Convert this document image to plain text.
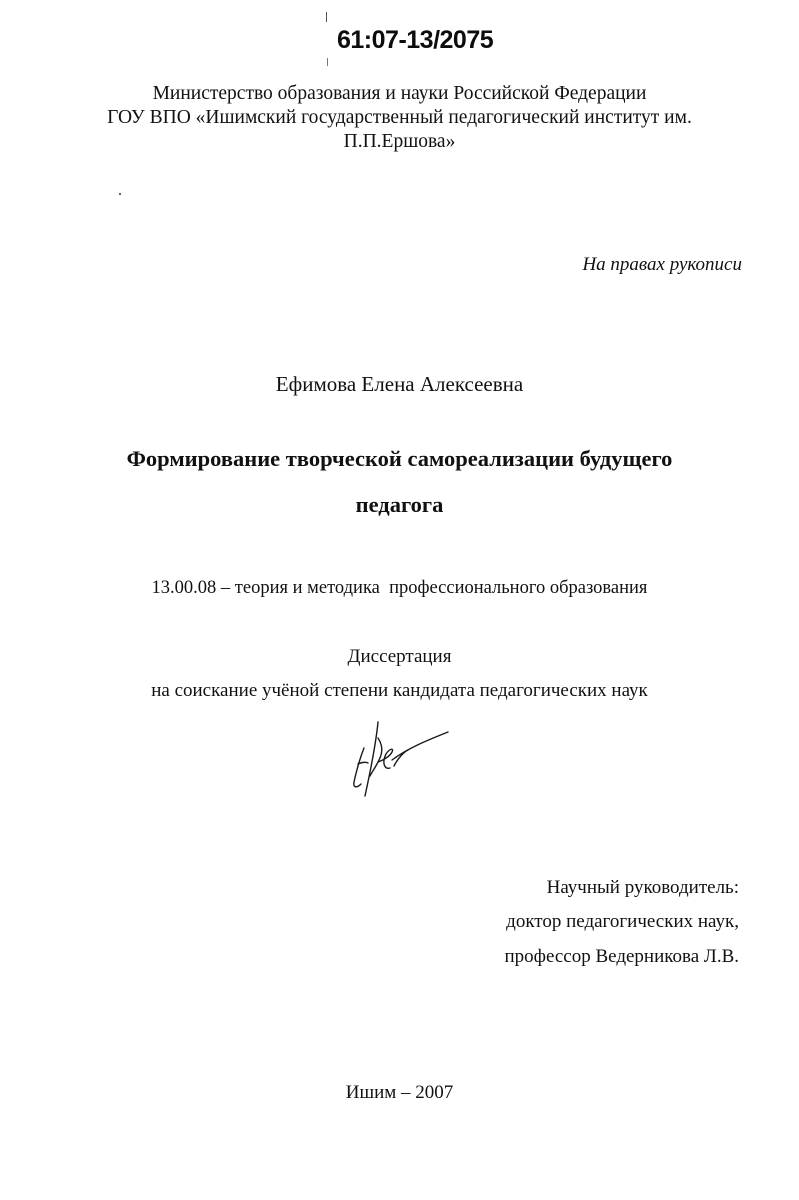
61:07-13/2075
Министерство образования и науки Российской Федерации
ГОУ ВПО «Ишимский государственный педагогический институт им.
П.П.Ершова»
На правах рукописи
Ефимова Елена Алексеевна
Формирование творческой самореализации будущего
педагога
13.00.08 – теория и методика  профессионального образования
Диссертация
на соискание учёной степени кандидата педагогических наук
Научный руководитель:
доктор педагогических наук,
профессор Ведерникова Л.В.
Ишим – 2007
